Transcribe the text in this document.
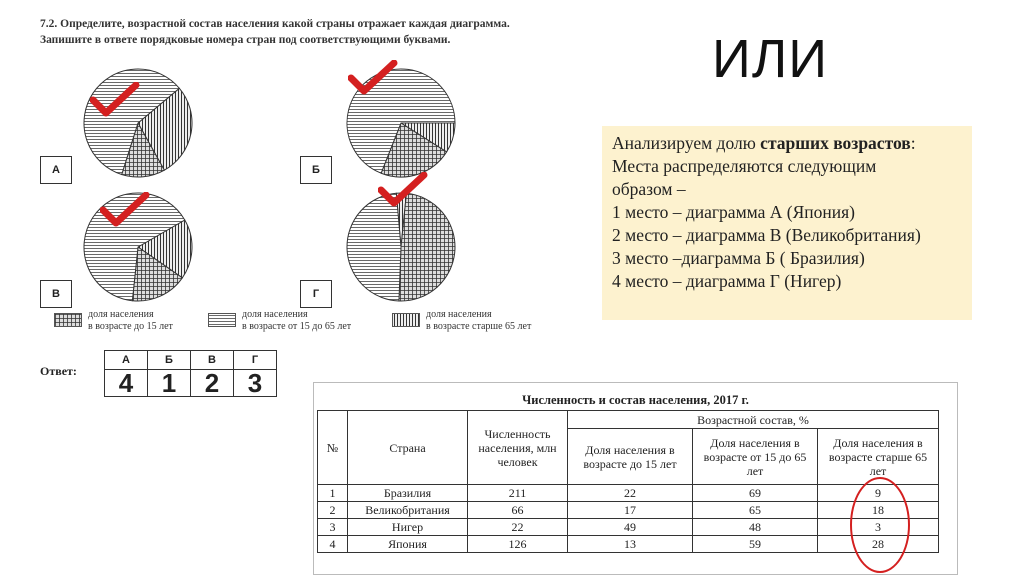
7.2. Определите, возрастной состав населения какой страны отражает каждая диаграмма.
Запишите в ответе порядковые номера стран под соответствующими буквами.	ИЛИ
А	Б
В	Г
доля населения
в возрасте до 15 лет
доля населения
в возрасте от 15 до 65 лет
доля населения
в возрасте старше 65 лет
Ответ:
А	Б	В	Г
4	1	2	3
Анализируем долю старших возрастов:
Места распределяются следующим
образом –
1 место – диаграмма А (Япония)
2 место – диаграмма В (Великобритания)
3 место –диаграмма Б ( Бразилия)
4 место – диаграмма Г (Нигер)
Численность и состав населения, 2017 г.
№	Страна	Численность населения, млн человек	Возрастной состав, %		
			Доля населения в возрасте до 15 лет	Доля населения в возрасте от 15 до 65 лет	Доля населения в возрасте старше 65 лет
1	Бразилия	211	22	69	9
2	Великобритания	66	17	65	18
3	Нигер	22	49	48	3
4	Япония	126	13	59	28
